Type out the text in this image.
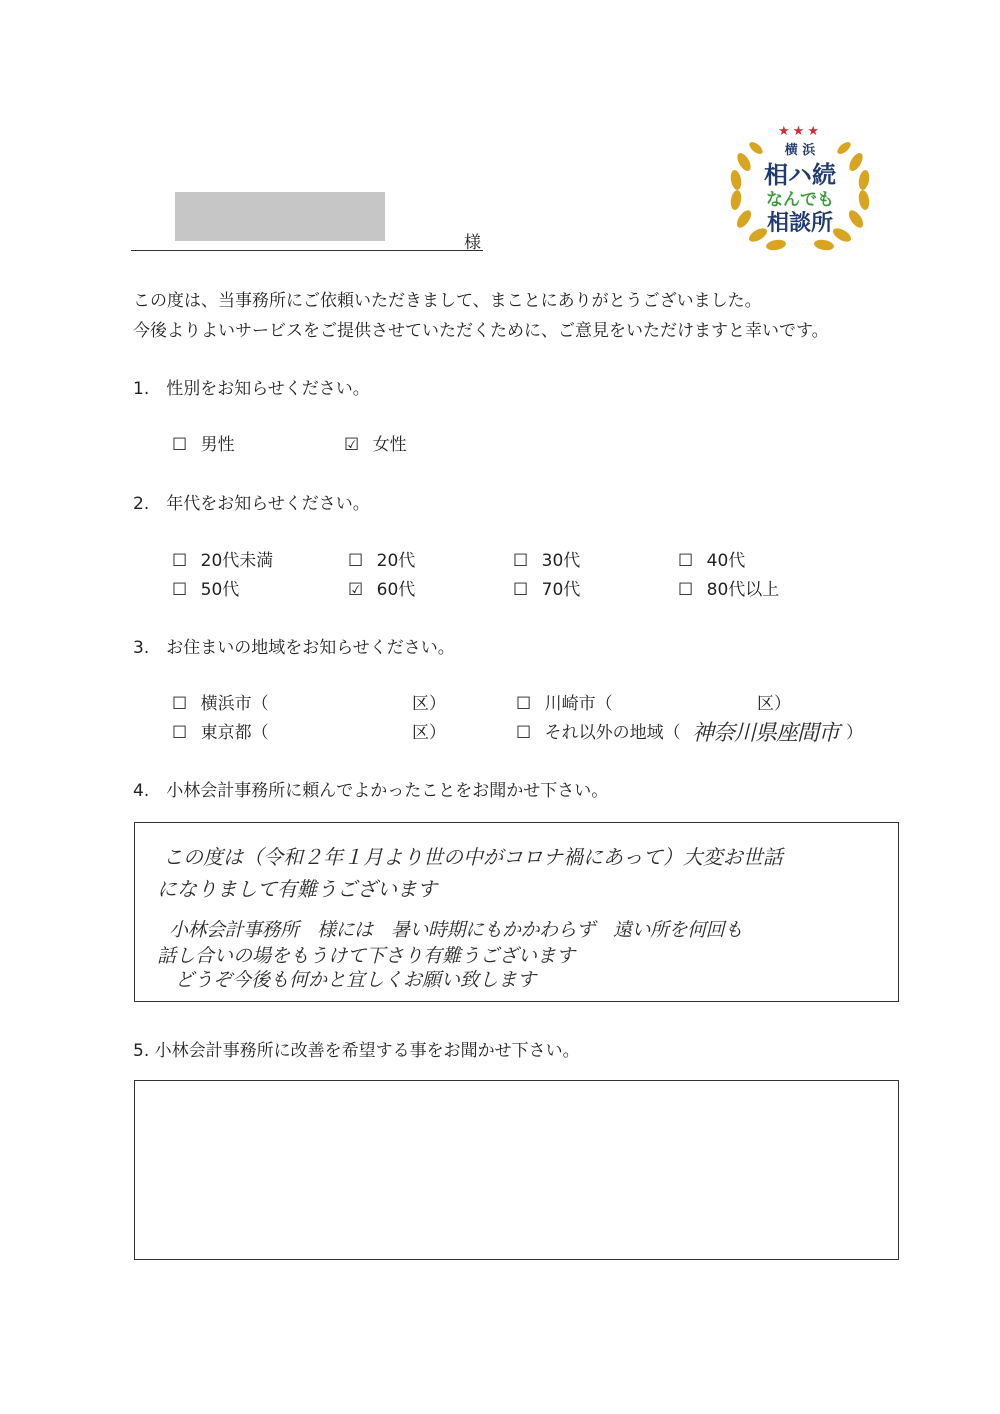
★★★
横 浜
相ハ続
なんでも
相談所
様
この度は、当事務所にご依頼いただきまして、まことにありがとうございました。
今後よりよいサービスをご提供させていただくために、ご意見をいただけますと幸いです。
1.　性別をお知らせください。
☐ 男性	☑ 女性
2.　年代をお知らせください。
☐ 20代未満	☐ 20代	☐ 30代	☐ 40代
☐ 50代	☑ 60代	☐ 70代	☐ 80代以上
3.　お住まいの地域をお知らせください。
☐ 横浜市（	区）	☐ 川崎市（	区）
☐ 東京都（	区）	☐ それ以外の地域（ 神奈川県座間市 ）
4.　小林会計事務所に頼んでよかったことをお聞かせ下さい。
この度は（令和２年１月より世の中がコロナ禍にあって）大変お世話
になりまして有難うございます
小林会計事務所　様には　暑い時期にもかかわらず　遠い所を何回も
話し合いの場をもうけて下さり有難うございます
どうぞ今後も何かと宜しくお願い致します
5. 小林会計事務所に改善を希望する事をお聞かせ下さい。
